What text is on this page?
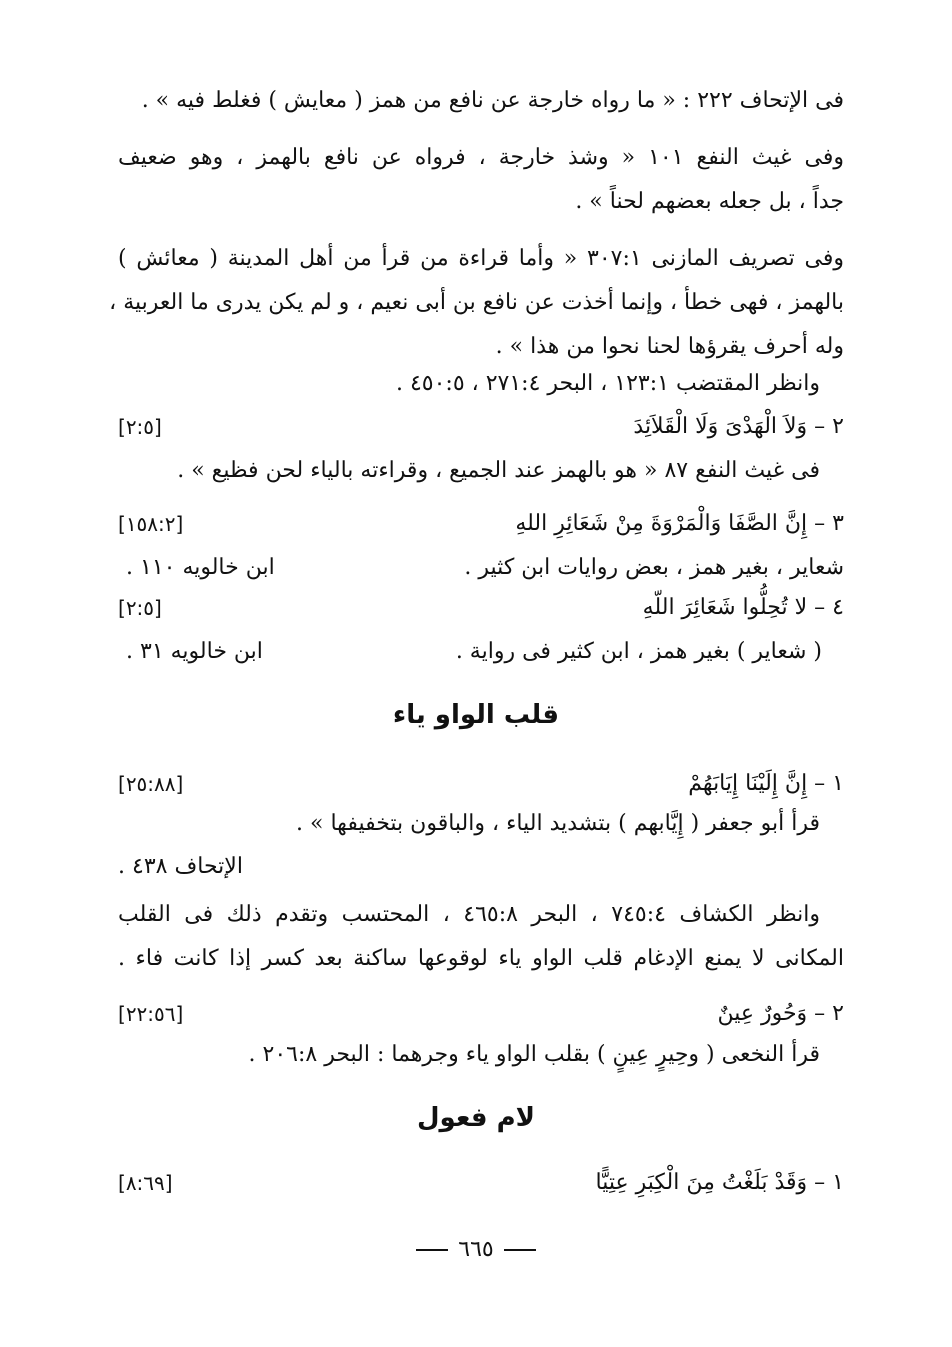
فى الإتحاف ٢٢٢ : « ما رواه خارجة عن نافع من همز ( معايش ) فغلط فيه » .
وفى غيث النفع ١٠١ « وشذ خارجة ، فرواه عن نافع بالهمز ، وهو ضعيف
جداً ، بل جعله بعضهم لحناً » .
وفى تصريف المازنى ٣٠٧:١ « وأما قراءة من قرأ من أهل المدينة ( معائش )
بالهمز ، فهى خطأ ، وإنما أخذت عن نافع بن أبى نعيم ، و لم يكن يدرى ما العربية ،
وله أحرف يقرؤها لحنا نحوا من هذا » .
وانظر المقتضب ١٢٣:١ ، البحر ٢٧١:٤ ، ٤٥٠:٥ .
٢ – وَلاَ الْهَدْىَ وَلَا الْقَلاَئِدَ
[٢:٥]
فى غيث النفع ٨٧ « هو بالهمز عند الجميع ، وقراءته بالياء لحن فظيع » .
٣ – إِنَّ الصَّفَا وَالْمَرْوَةَ مِنْ شَعَائِرِ اللهِ
[١٥٨:٢]
شعاير ، بغير همز ، بعض روايات ابن كثير .
ابن خالويه ١١٠ .
٤ – لا تُحِلُّوا شَعَائِرَ اللّهِ
[٢:٥]
( شعاير ) بغير همز ، ابن كثير فى رواية .
ابن خالويه ٣١ .
قلب الواو ياء
١ – إِنَّ إِلَيْنَا إِيَابَهُمْ
[٢٥:٨٨]
قرأ أبو جعفر ( إِيَّابهم ) بتشديد الياء ، والباقون بتخفيفها » .
الإتحاف ٤٣٨ .
وانظر الكشاف ٧٤٥:٤ ، البحر ٤٦٥:٨ ، المحتسب وتقدم ذلك فى القلب
المكانى لا يمنع الإدغام قلب الواو ياء لوقوعها ساكنة بعد كسر إذا كانت فاء .
٢ – وَحُورٌ عِينٌ
[٢٢:٥٦]
قرأ النخعى ( وحِيرٍ عِينٍ ) بقلب الواو ياء وجرهما : البحر ٢٠٦:٨ .
لام فعول
١ – وَقَدْ بَلَغْتُ مِنَ الْكِبَرِ عِتِيًّا
[٨:٦٩]
٦٦٥
